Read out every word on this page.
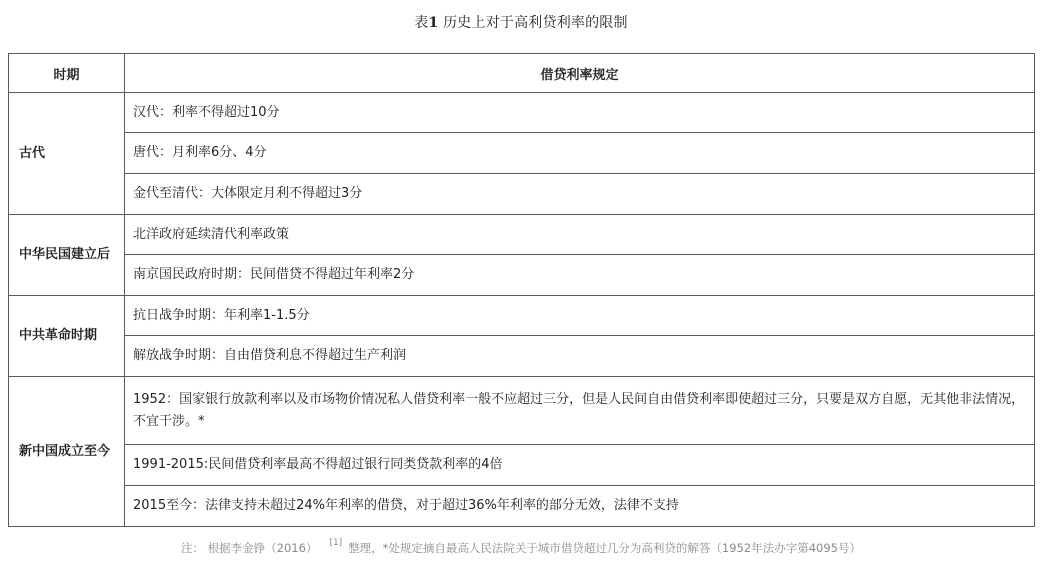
表1 历史上对于高利贷利率的限制
时期	借贷利率规定
古代	汉代：利率不得超过10分
	唐代：月利率6分、4分
	金代至清代：大体限定月利不得超过3分
中华民国建立后	北洋政府延续清代利率政策
	南京国民政府时期：民间借贷不得超过年利率2分
中共革命时期	抗日战争时期：年利率1-1.5分
	解放战争时期：自由借贷利息不得超过生产利润
新中国成立至今	1952：国家银行放款利率以及市场物价情况私人借贷利率一般不应超过三分，但是人民间自由借贷利率即使超过三分，只要是双方自愿，无其他非法情况，不宜干涉。*
	1991-2015:民间借贷利率最高不得超过银行同类贷款利率的4倍
	2015至今：法律支持未超过24%年利率的借贷，对于超过36%年利率的部分无效，法律不支持
注： 根据李金铮（2016） [1] 整理，*处规定摘自最高人民法院关于城市借贷超过几分为高利贷的解答（1952年法办字第4095号）
